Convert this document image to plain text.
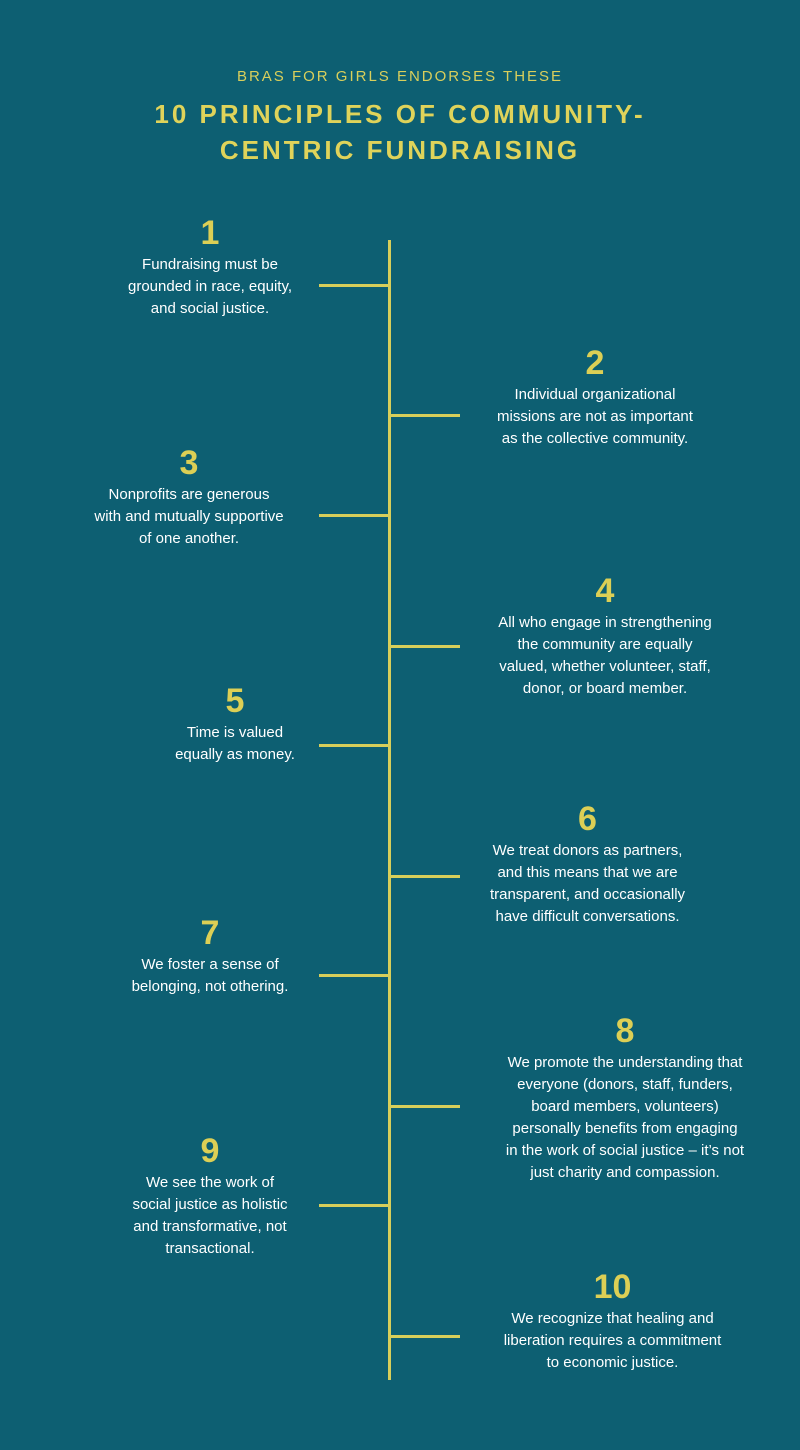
BRAS FOR GIRLS ENDORSES THESE
10 PRINCIPLES OF COMMUNITY-
CENTRIC FUNDRAISING
1
Fundraising must be
grounded in race, equity,
and social justice.
2
Individual organizational
missions are not as important
as the collective community.
3
Nonprofits are generous
with and mutually supportive
of one another.
4
All who engage in strengthening
the community are equally
valued, whether volunteer, staff,
donor, or board member.
5
Time is valued
equally as money.
6
We treat donors as partners,
and this means that we are
transparent, and occasionally
have difficult conversations.
7
We foster a sense of
belonging, not othering.
8
We promote the understanding that
everyone (donors, staff, funders,
board members, volunteers)
personally benefits from engaging
in the work of social justice – it’s not
just charity and compassion.
9
We see the work of
social justice as holistic
and transformative, not
transactional.
10
We recognize that healing and
liberation requires a commitment
to economic justice.
